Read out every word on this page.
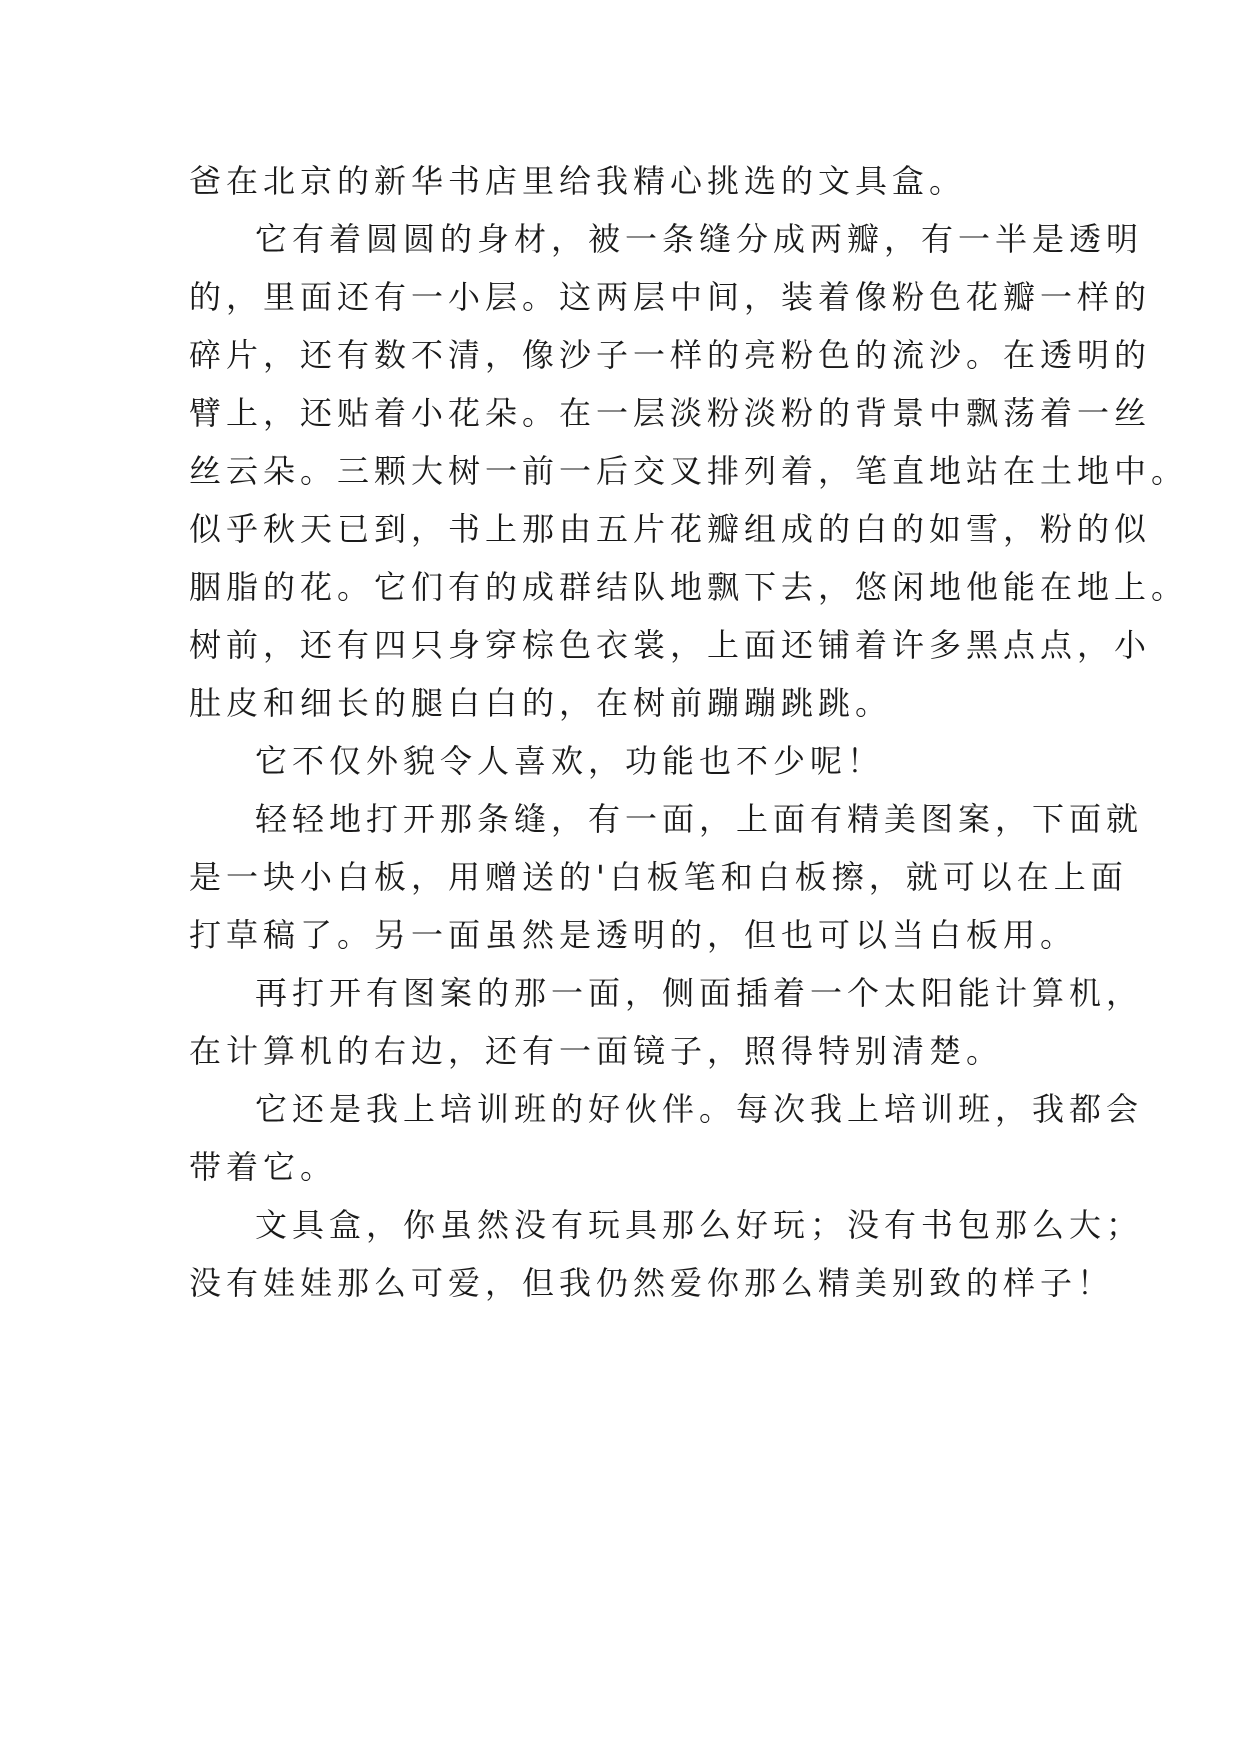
爸在北京的新华书店里给我精心挑选的文具盒。
它有着圆圆的身材，被一条缝分成两瓣，有一半是透明
的，里面还有一小层。这两层中间，装着像粉色花瓣一样的
碎片，还有数不清，像沙子一样的亮粉色的流沙。在透明的
臂上，还贴着小花朵。在一层淡粉淡粉的背景中飘荡着一丝
丝云朵。三颗大树一前一后交叉排列着，笔直地站在土地中。
似乎秋天已到，书上那由五片花瓣组成的白的如雪，粉的似
胭脂的花。它们有的成群结队地飘下去，悠闲地他能在地上。
树前，还有四只身穿棕色衣裳，上面还铺着许多黑点点，小
肚皮和细长的腿白白的，在树前蹦蹦跳跳。
它不仅外貌令人喜欢，功能也不少呢！
轻轻地打开那条缝，有一面，上面有精美图案，下面就
是一块小白板，用赠送的'白板笔和白板擦，就可以在上面
打草稿了。另一面虽然是透明的，但也可以当白板用。
再打开有图案的那一面，侧面插着一个太阳能计算机，
在计算机的右边，还有一面镜子，照得特别清楚。
它还是我上培训班的好伙伴。每次我上培训班，我都会
带着它。
文具盒，你虽然没有玩具那么好玩；没有书包那么大；
没有娃娃那么可爱，但我仍然爱你那么精美别致的样子！
